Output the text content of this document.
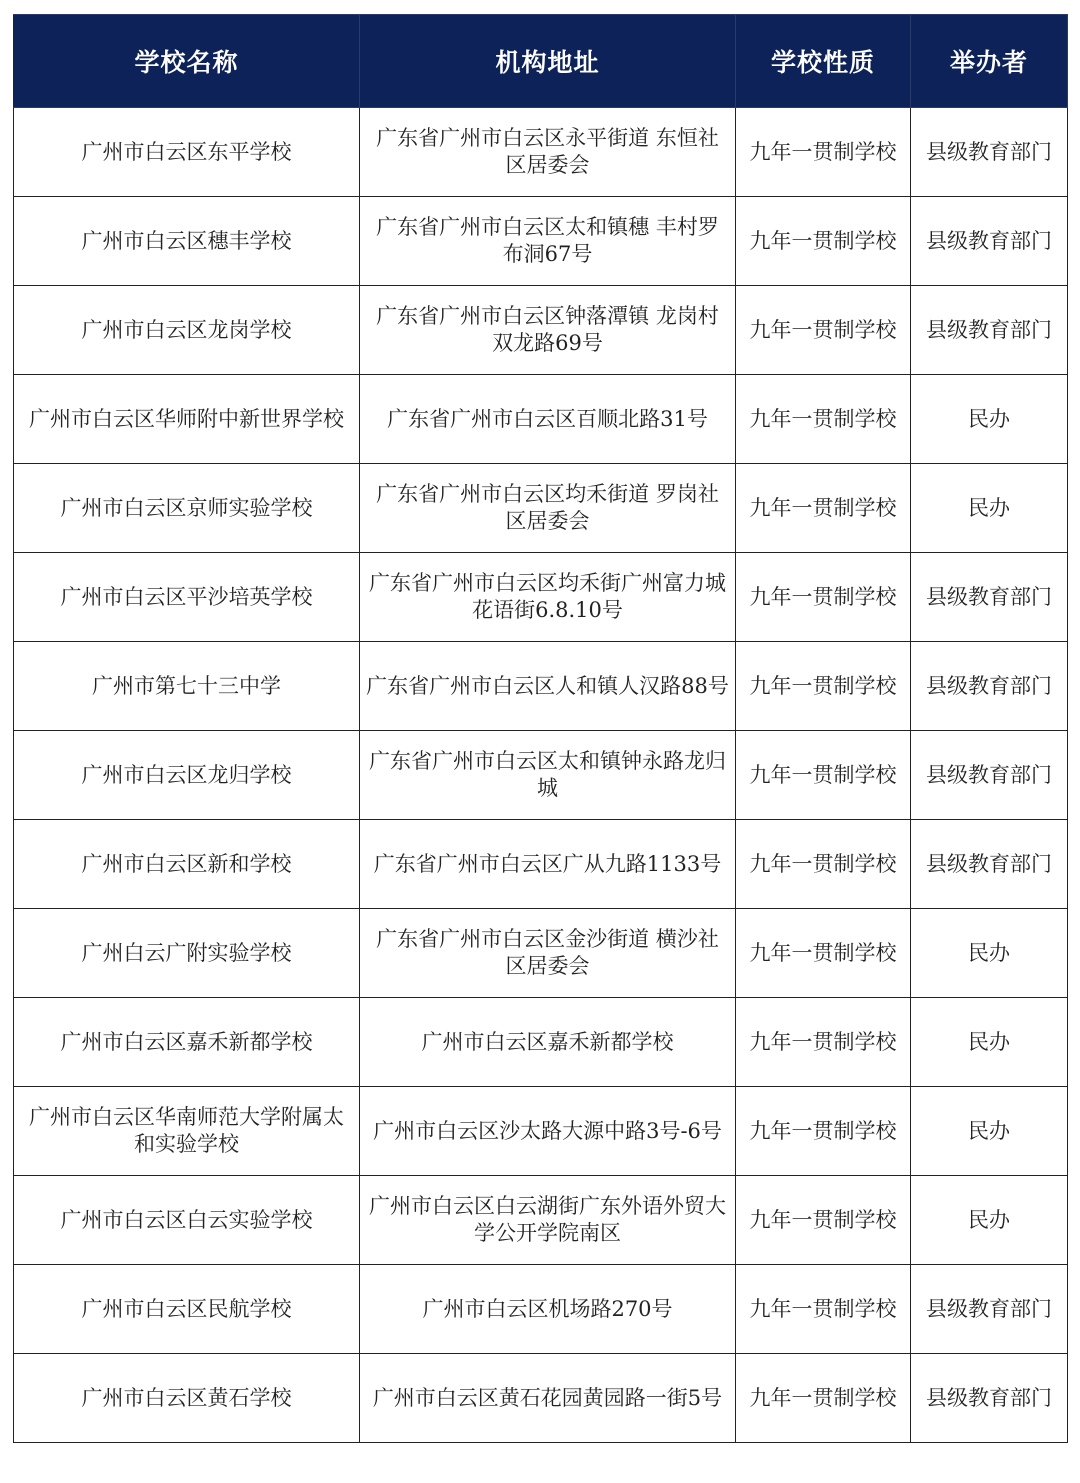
学校名称	机构地址	学校性质	举办者
广州市白云区东平学校	广东省广州市白云区永平街道 东恒社区居委会	九年一贯制学校	县级教育部门
广州市白云区穗丰学校	广东省广州市白云区太和镇穗 丰村罗布洞67号	九年一贯制学校	县级教育部门
广州市白云区龙岗学校	广东省广州市白云区钟落潭镇 龙岗村双龙路69号	九年一贯制学校	县级教育部门
广州市白云区华师附中新世界学校	广东省广州市白云区百顺北路31号	九年一贯制学校	民办
广州市白云区京师实验学校	广东省广州市白云区均禾街道 罗岗社区居委会	九年一贯制学校	民办
广州市白云区平沙培英学校	广东省广州市白云区均禾街广州富力城花语街6.8.10号	九年一贯制学校	县级教育部门
广州市第七十三中学	广东省广州市白云区人和镇人汉路88号	九年一贯制学校	县级教育部门
广州市白云区龙归学校	广东省广州市白云区太和镇钟永路龙归城	九年一贯制学校	县级教育部门
广州市白云区新和学校	广东省广州市白云区广从九路1133号	九年一贯制学校	县级教育部门
广州白云广附实验学校	广东省广州市白云区金沙街道 横沙社区居委会	九年一贯制学校	民办
广州市白云区嘉禾新都学校	广州市白云区嘉禾新都学校	九年一贯制学校	民办
广州市白云区华南师范大学附属太和实验学校	广州市白云区沙太路大源中路3号-6号	九年一贯制学校	民办
广州市白云区白云实验学校	广州市白云区白云湖街广东外语外贸大学公开学院南区	九年一贯制学校	民办
广州市白云区民航学校	广州市白云区机场路270号	九年一贯制学校	县级教育部门
广州市白云区黄石学校	广州市白云区黄石花园黄园路一街5号	九年一贯制学校	县级教育部门
